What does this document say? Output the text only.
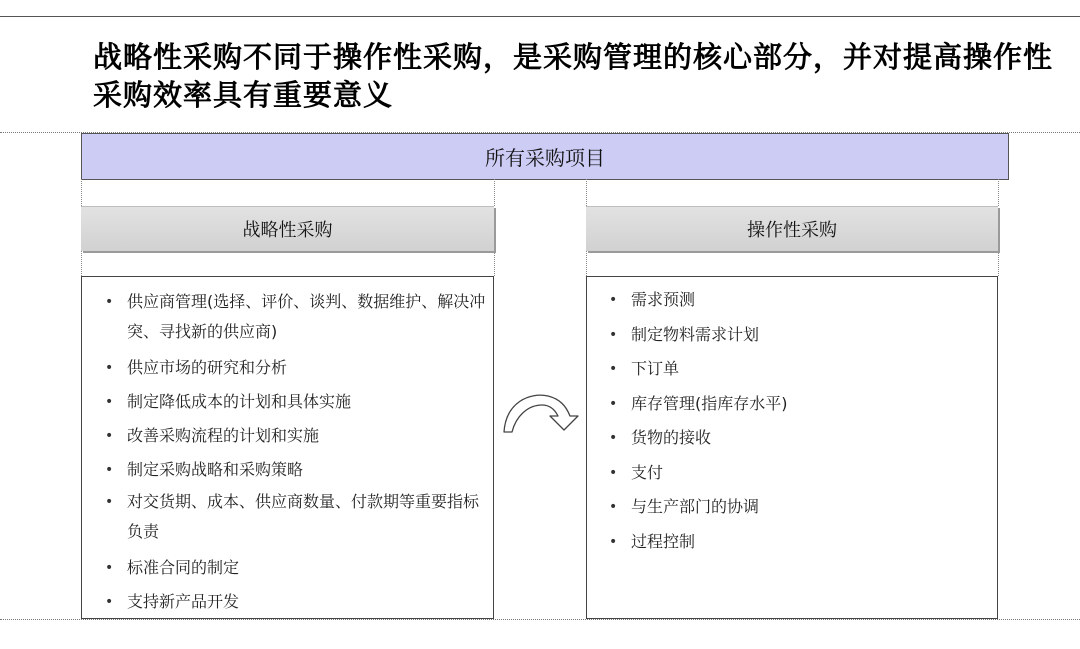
战略性采购不同于操作性采购，是采购管理的核心部分，并对提高操作性采购效率具有重要意义
所有采购项目
战略性采购
• 供应商管理(选择、评价、谈判、数据维护、解决冲突、寻找新的供应商)
• 供应市场的研究和分析
• 制定降低成本的计划和具体实施
• 改善采购流程的计划和实施
• 制定采购战略和采购策略
• 对交货期、成本、供应商数量、付款期等重要指标负责
• 标准合同的制定
• 支持新产品开发
操作性采购
• 需求预测
• 制定物料需求计划
• 下订单
• 库存管理(指库存水平)
• 货物的接收
• 支付
• 与生产部门的协调
• 过程控制
